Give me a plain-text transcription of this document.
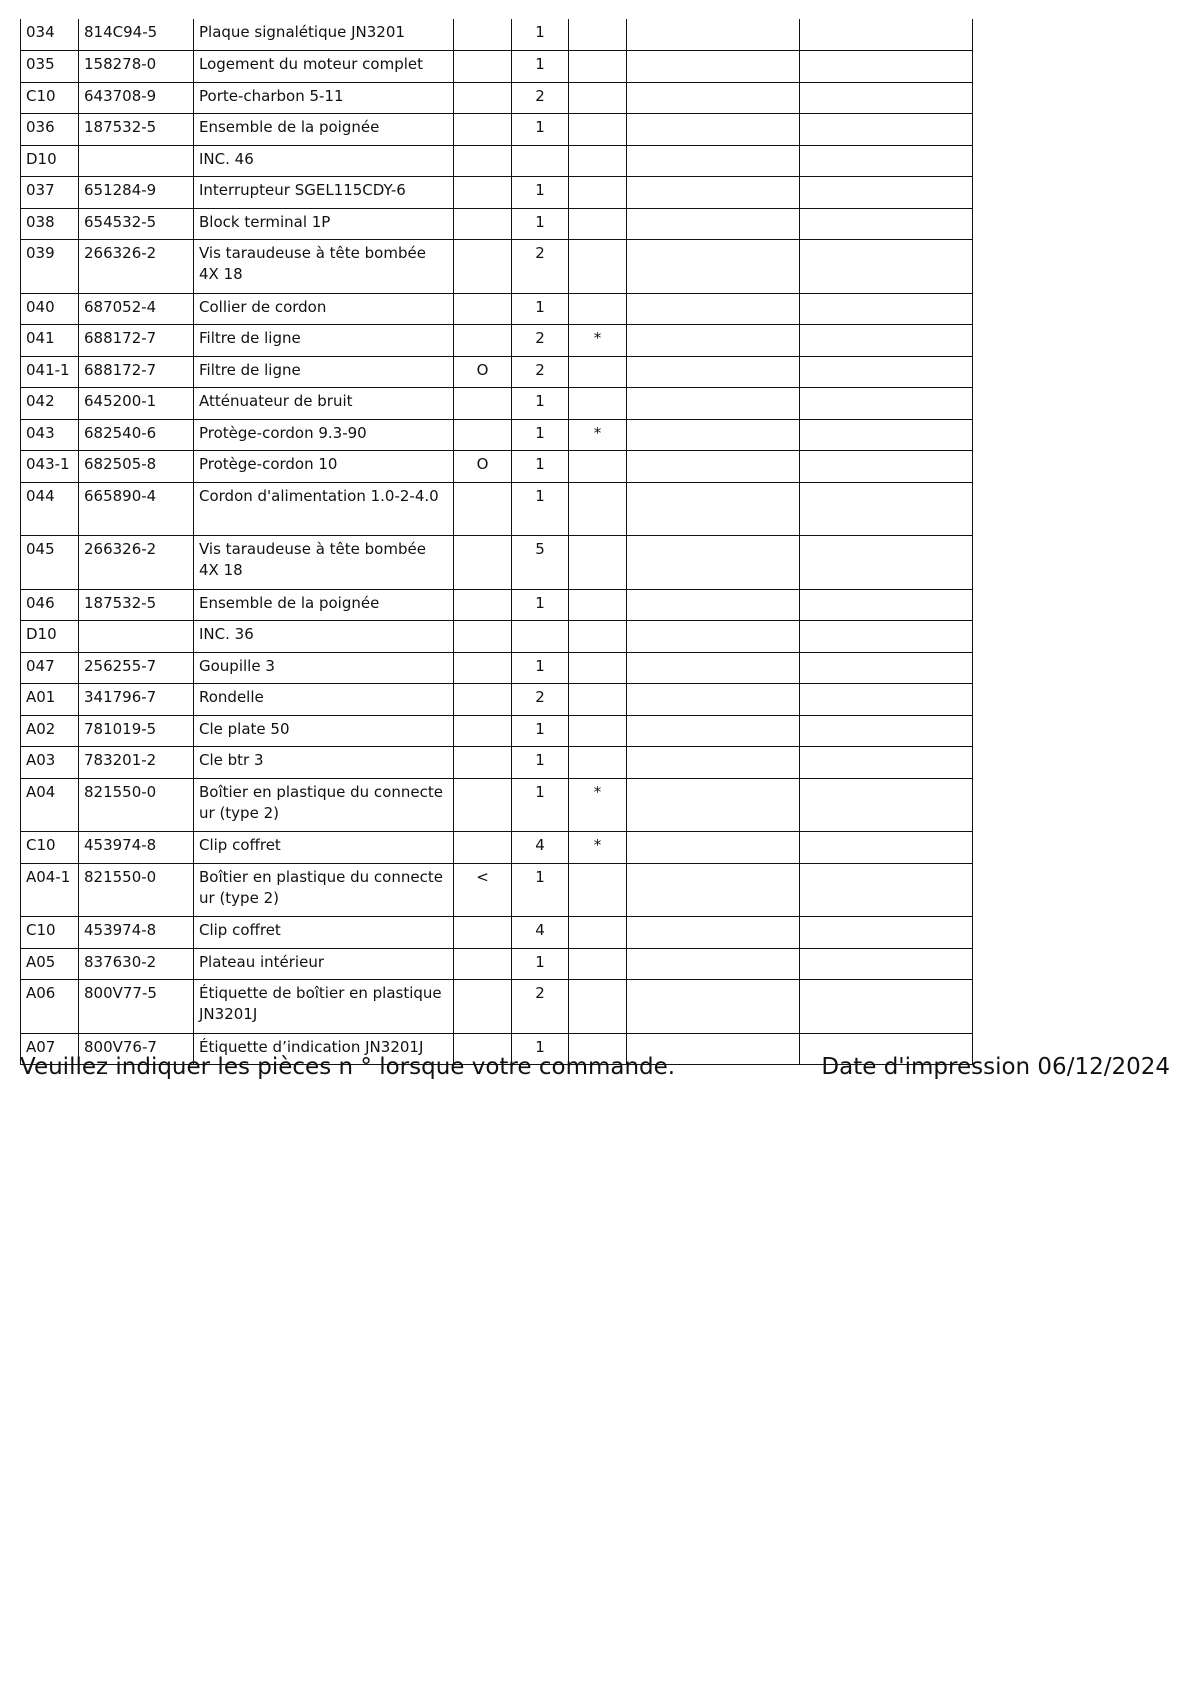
034	814C94-5	Plaque signalétique JN3201		1			
035	158278-0	Logement du moteur complet		1			
C10	643708-9	Porte-charbon 5-11		2			
036	187532-5	Ensemble de la poignée		1			
D10		INC. 46					
037	651284-9	Interrupteur SGEL115CDY-6		1			
038	654532-5	Block terminal 1P		1			
039	266326-2	Vis taraudeuse à tête bombée 4X 18		2			
040	687052-4	Collier de cordon		1			
041	688172-7	Filtre de ligne		2	*		
041-1	688172-7	Filtre de ligne	O	2			
042	645200-1	Atténuateur de bruit		1			
043	682540-6	Protège-cordon 9.3-90		1	*		
043-1	682505-8	Protège-cordon 10	O	1			
044	665890-4	Cordon d'alimentation 1.0-2-4.0		1			
045	266326-2	Vis taraudeuse à tête bombée 4X 18		5			
046	187532-5	Ensemble de la poignée		1			
D10		INC. 36					
047	256255-7	Goupille 3		1			
A01	341796-7	Rondelle		2			
A02	781019-5	Cle plate 50		1			
A03	783201-2	Cle btr 3		1			
A04	821550-0	Boîtier en plastique du connecte ur (type 2)		1	*		
C10	453974-8	Clip coffret		4	*		
A04-1	821550-0	Boîtier en plastique du connecte ur (type 2)	<	1			
C10	453974-8	Clip coffret		4			
A05	837630-2	Plateau intérieur		1			
A06	800V77-5	Étiquette de boîtier en plastique JN3201J		2			
A07	800V76-7	Étiquette d’indication JN3201J		1			
Veuillez indiquer les pièces n ° lorsque votre commande.	Date d'impression 06/12/2024
